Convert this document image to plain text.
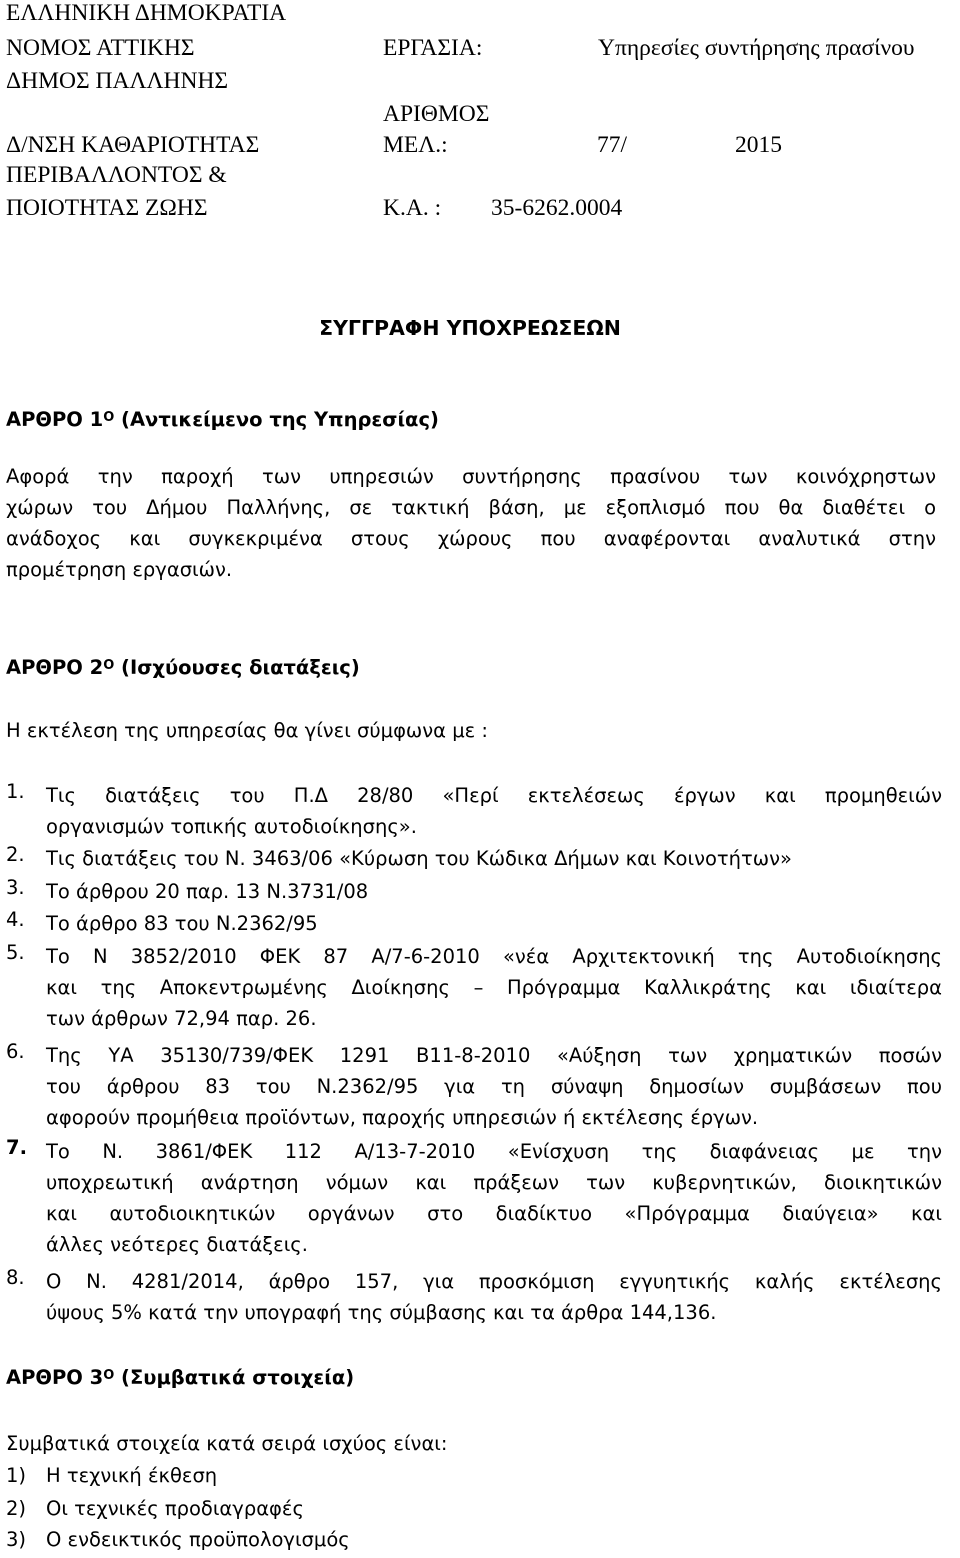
ΕΛΛΗΝΙΚΗ ΔΗΜΟΚΡΑΤΙΑ
ΝΟΜΟΣ ΑΤΤΙΚΗΣ
ΔΗΜΟΣ ΠΑΛΛΗΝΗΣ
Δ/ΝΣΗ ΚΑΘΑΡΙΟΤΗΤΑΣ
ΠΕΡΙΒΑΛΛΟΝΤΟΣ &
ΠΟΙΟΤΗΤΑΣ ΖΩΗΣ
ΕΡΓΑΣΙΑ:	Υπηρεσίες συντήρησης πρασίνου
ΑΡΙΘΜΟΣ
ΜΕΛ.:	77/	2015
Κ.Α. : 35-6262.0004
ΣΥΓΓΡΑΦΗ ΥΠΟΧΡΕΩΣΕΩΝ
ΑΡΘΡΟ $1^O$ (Αντικείμενο της Υπηρεσίας)
Αφορά την παροχή των υπηρεσιών συντήρησης πρασίνου των κοινόχρηστων
χώρων του Δήμου Παλλήνης, σε τακτική βάση, με εξοπλισμό που θα διαθέτει ο
ανάδοχος και συγκεκριμένα στους χώρους που αναφέρονται αναλυτικά στην
προμέτρηση εργασιών.
ΑΡΘΡΟ $2^O$ (Ισχύουσες διατάξεις)
Η εκτέλεση της υπηρεσίας θα γίνει σύμφωνα με :
1. Τις διατάξεις του Π.Δ 28/80 «Περί εκτελέσεως έργων και προμηθειών
οργανισμών τοπικής αυτοδιοίκησης».
2. Τις διατάξεις του Ν. 3463/06 «Κύρωση του Κώδικα Δήμων και Κοινοτήτων»
3. Το άρθρου 20 παρ. 13 Ν.3731/08
4. Το άρθρο 83 του Ν.2362/95
5. Το Ν 3852/2010 ΦΕΚ 87 Α/7-6-2010 «νέα Αρχιτεκτονική της Αυτοδιοίκησης
και της Αποκεντρωμένης Διοίκησης – Πρόγραμμα Καλλικράτης και ιδιαίτερα
των άρθρων 72,94 παρ. 26.
6. Της ΥΑ 35130/739/ΦΕΚ 1291 Β11-8-2010 «Αύξηση των χρηματικών ποσών
του άρθρου 83 του Ν.2362/95 για τη σύναψη δημοσίων συμβάσεων που
αφορούν προμήθεια προϊόντων, παροχής υπηρεσιών ή εκτέλεσης έργων.
7. Το Ν. 3861/ΦΕΚ 112 Α/13-7-2010 «Ενίσχυση της διαφάνειας με την
υποχρεωτική ανάρτηση νόμων και πράξεων των κυβερνητικών, διοικητικών
και αυτοδιοικητικών οργάνων στο διαδίκτυο «Πρόγραμμα διαύγεια» και
άλλες νεότερες διατάξεις.
8. Ο Ν. 4281/2014, άρθρο 157, για προσκόμιση εγγυητικής καλής εκτέλεσης
ύψους 5% κατά την υπογραφή της σύμβασης και τα άρθρα 144,136.
ΑΡΘΡΟ $3^O$ (Συμβατικά στοιχεία)
Συμβατικά στοιχεία κατά σειρά ισχύος είναι:
1) Η τεχνική έκθεση
2) Οι τεχνικές προδιαγραφές
3) Ο ενδεικτικός προϋπολογισμός
